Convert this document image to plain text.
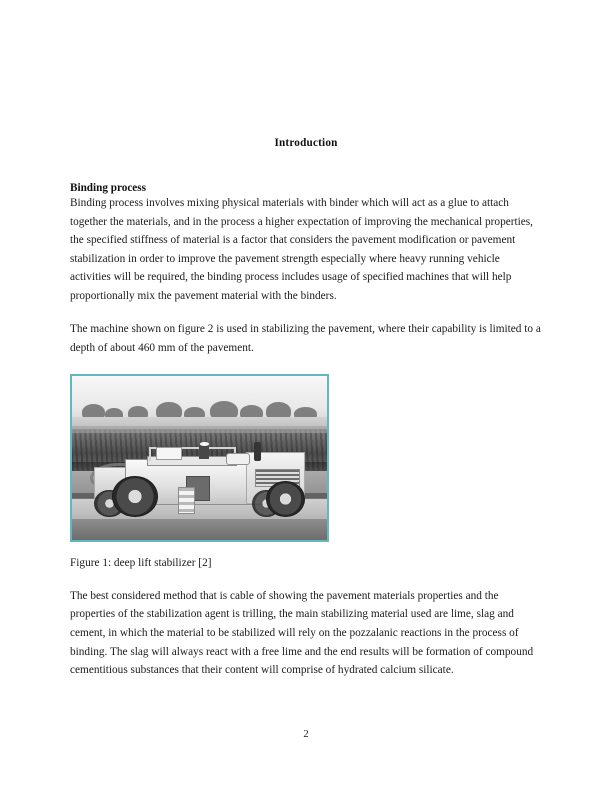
Introduction
Binding process

Binding process involves mixing physical materials with binder which will act as a glue to attach together the materials, and in the process a higher expectation of improving the mechanical properties, the specified stiffness of material is a factor that considers the pavement modification or pavement stabilization in order to improve the pavement strength especially where heavy running vehicle activities will be required, the binding process includes usage of specified machines that will help proportionally mix the pavement material with the binders.

The machine shown on figure 2 is used in stabilizing the pavement, where their capability is limited to a depth of about 460 mm of the pavement.

Figure 1: deep lift stabilizer [2]

The best considered method that is cable of showing the pavement materials properties and the properties of the stabilization agent is trilling, the main stabilizing material used are lime, slag and cement, in which the material to be stabilized will rely on the pozzalanic reactions in the process of binding. The slag will always react with a free lime and the end results will be formation of compound cementitious substances that their content will comprise of hydrated calcium silicate.

2
